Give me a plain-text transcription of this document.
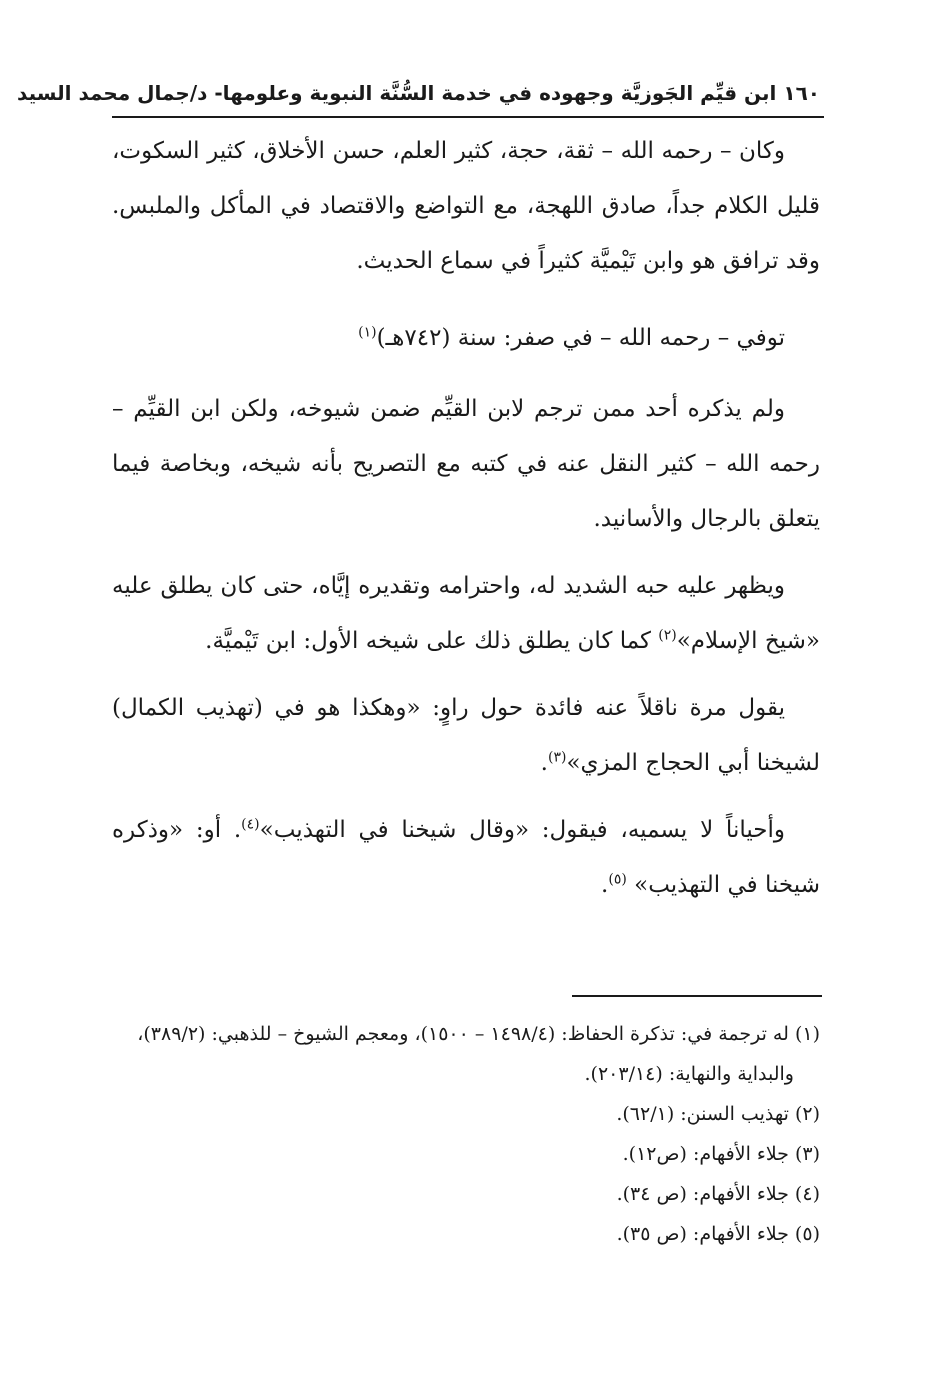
١٦٠ ابن قيِّم الجَوزيَّة وجهوده في خدمة السُّنَّة النبوية وعلومها- د/جمال محمد السيد

وكان – رحمه الله – ثقة، حجة، كثير العلم، حسن الأخلاق، كثير السكوت، قليل الكلام جداً، صادق اللهجة، مع التواضع والاقتصاد في المأكل والملبس. وقد ترافق هو وابن تَيْميَّة كثيراً في سماع الحديث.

توفي – رحمه الله – في صفر: سنة (٧٤٢هـ)$^{(١)}$

ولم يذكره أحد ممن ترجم لابن القيِّم ضمن شيوخه، ولكن ابن القيِّم – رحمه الله – كثير النقل عنه في كتبه مع التصريح بأنه شيخه، وبخاصة فيما يتعلق بالرجال والأسانيد.

ويظهر عليه حبه الشديد له، واحترامه وتقديره إيَّاه، حتى كان يطلق عليه «شيخ الإسلام»$^{(٢)}$ كما كان يطلق ذلك على شيخه الأول: ابن تَيْميَّة.

يقول مرة ناقلاً عنه فائدة حول راوٍ: «وهكذا هو في (تهذيب الكمال) لشيخنا أبي الحجاج المزي»$^{(٣)}$.

وأحياناً لا يسميه، فيقول: «وقال شيخنا في التهذيب»$^{(٤)}$. أو: «وذكره شيخنا في التهذيب» $^{(٥)}$.

(١) له ترجمة في: تذكرة الحفاظ: (١٤٩٨/٤ – ١٥٠٠)، ومعجم الشيوخ – للذهبي: (٣٨٩/٢)، والبداية والنهاية: (٢٠٣/١٤).

(٢) تهذيب السنن: (٦٢/١).

(٣) جلاء الأفهام: (ص١٢).

(٤) جلاء الأفهام: (ص ٣٤).

(٥) جلاء الأفهام: (ص ٣٥).
